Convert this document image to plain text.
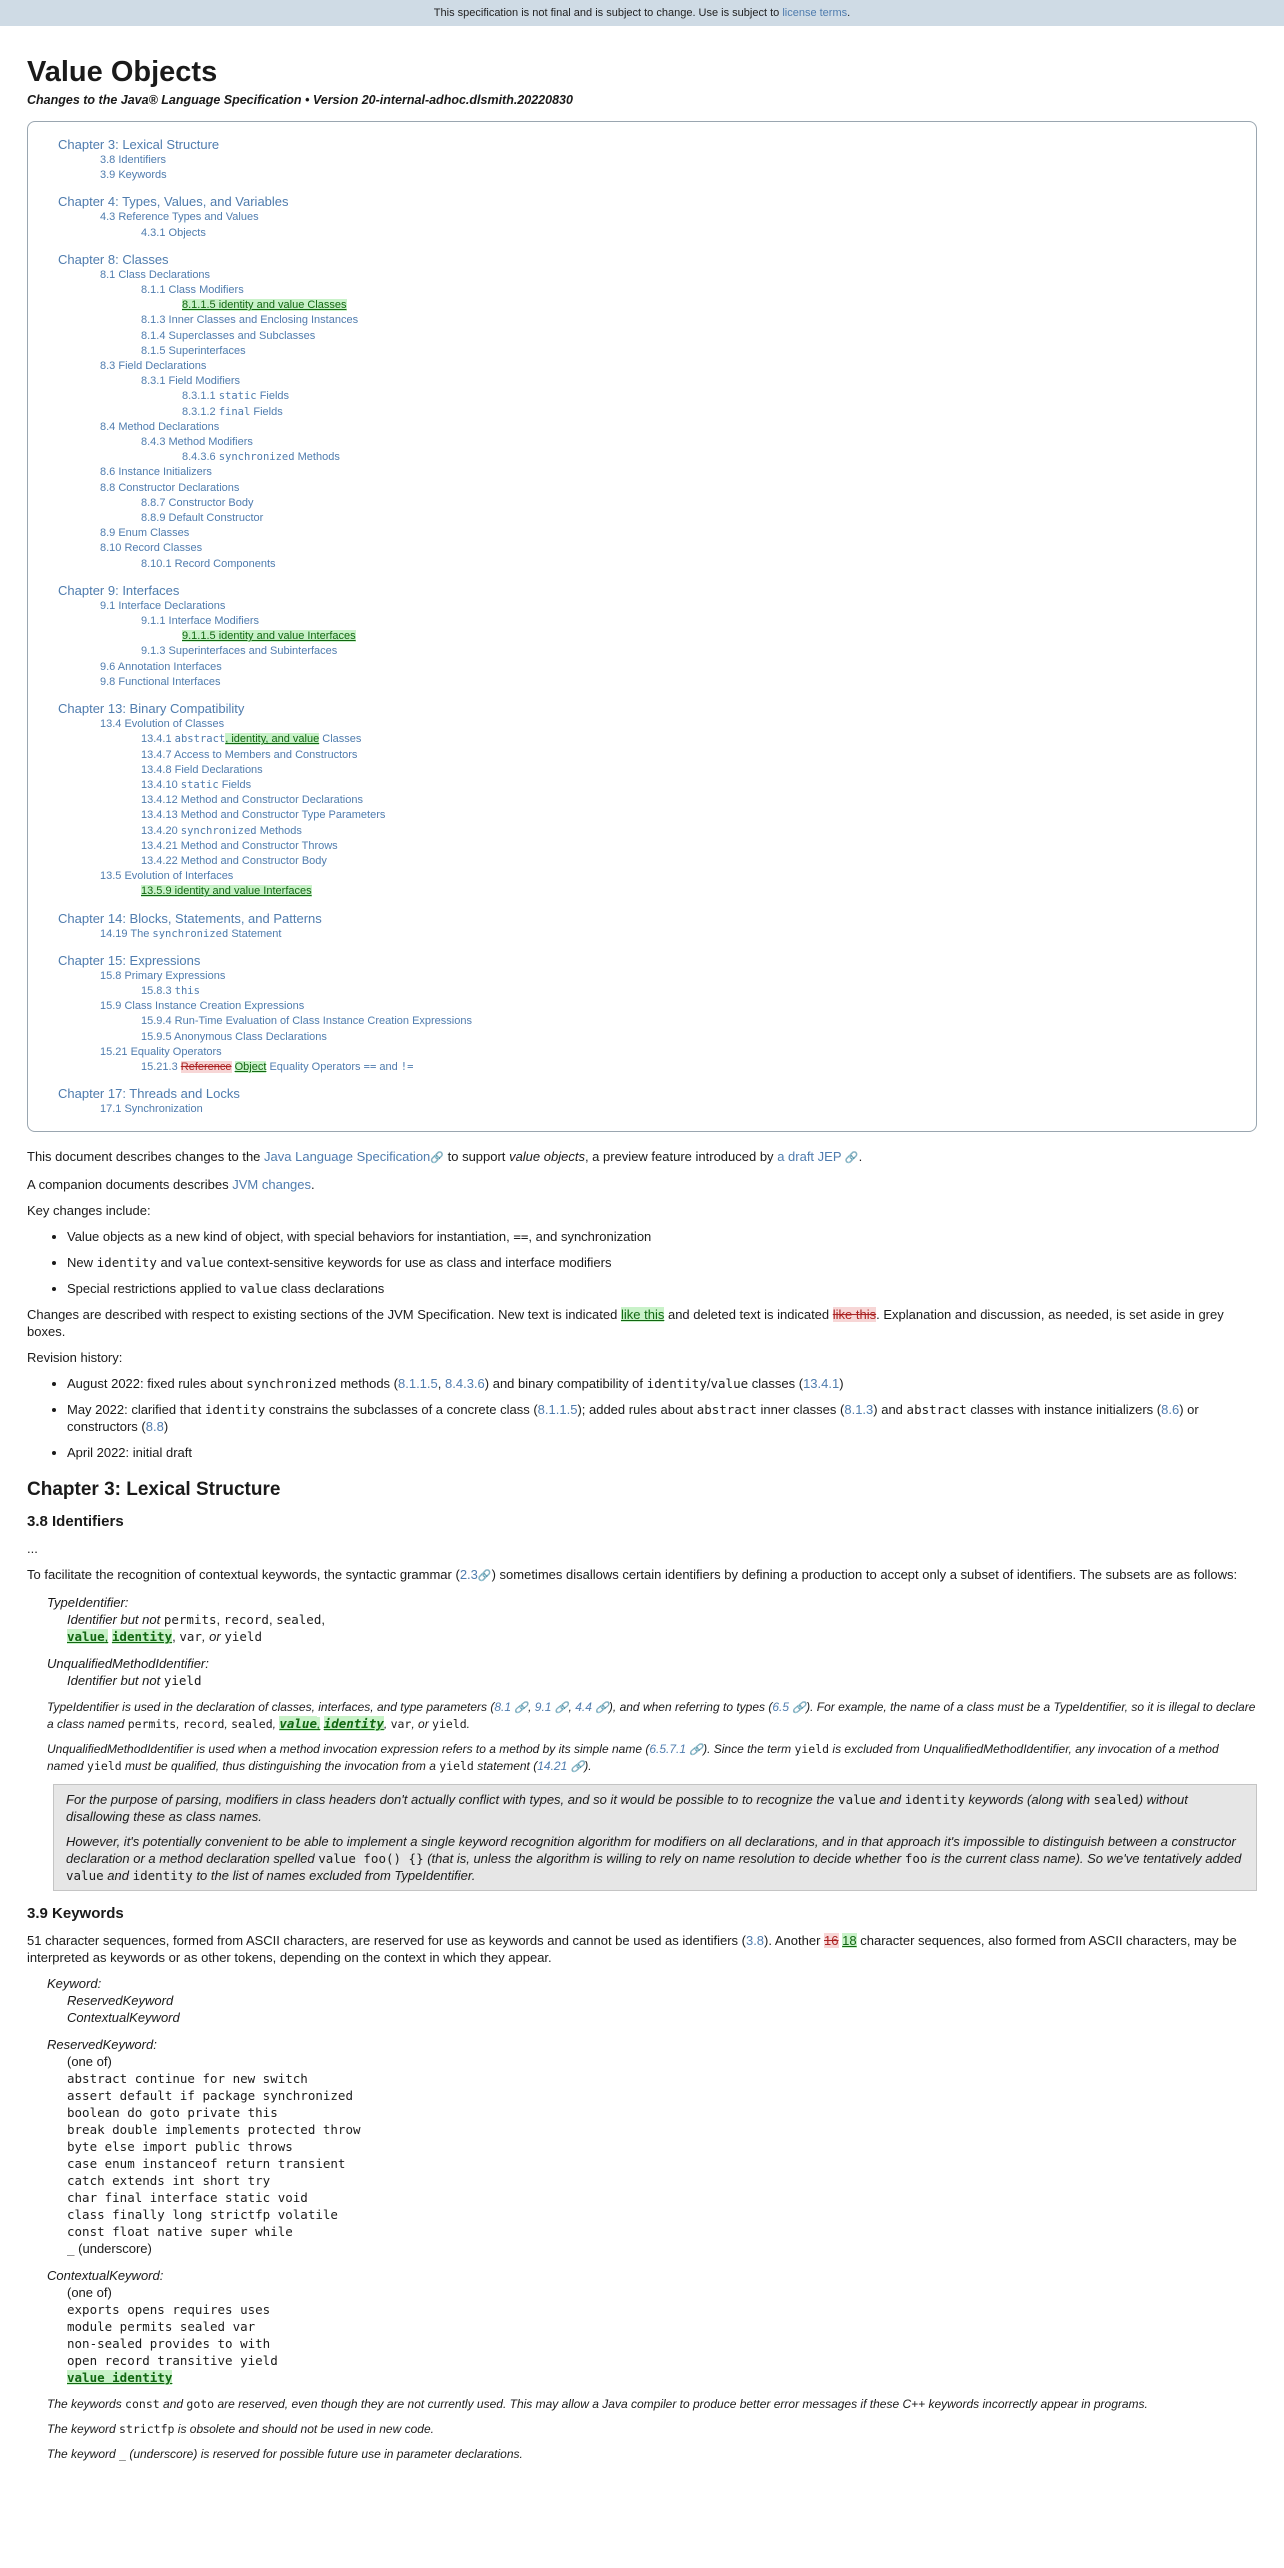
This specification is not final and is subject to change. Use is subject to license terms.
Value Objects
Changes to the Java® Language Specification • Version 20-internal-adhoc.dlsmith.20220830
Chapter 3: Lexical Structure
3.8 Identifiers
3.9 Keywords
Chapter 4: Types, Values, and Variables
4.3 Reference Types and Values
4.3.1 Objects
Chapter 8: Classes
8.1 Class Declarations
8.1.1 Class Modifiers
8.1.1.5 identity and value Classes
8.1.3 Inner Classes and Enclosing Instances
8.1.4 Superclasses and Subclasses
8.1.5 Superinterfaces
8.3 Field Declarations
8.3.1 Field Modifiers
8.3.1.1 static Fields
8.3.1.2 final Fields
8.4 Method Declarations
8.4.3 Method Modifiers
8.4.3.6 synchronized Methods
8.6 Instance Initializers
8.8 Constructor Declarations
8.8.7 Constructor Body
8.8.9 Default Constructor
8.9 Enum Classes
8.10 Record Classes
8.10.1 Record Components
Chapter 9: Interfaces
9.1 Interface Declarations
9.1.1 Interface Modifiers
9.1.1.5 identity and value Interfaces
9.1.3 Superinterfaces and Subinterfaces
9.6 Annotation Interfaces
9.8 Functional Interfaces
Chapter 13: Binary Compatibility
13.4 Evolution of Classes
13.4.1 abstract, identity, and value Classes
13.4.7 Access to Members and Constructors
13.4.8 Field Declarations
13.4.10 static Fields
13.4.12 Method and Constructor Declarations
13.4.13 Method and Constructor Type Parameters
13.4.20 synchronized Methods
13.4.21 Method and Constructor Throws
13.4.22 Method and Constructor Body
13.5 Evolution of Interfaces
13.5.9 identity and value Interfaces
Chapter 14: Blocks, Statements, and Patterns
14.19 The synchronized Statement
Chapter 15: Expressions
15.8 Primary Expressions
15.8.3 this
15.9 Class Instance Creation Expressions
15.9.4 Run-Time Evaluation of Class Instance Creation Expressions
15.9.5 Anonymous Class Declarations
15.21 Equality Operators
15.21.3 Reference Object Equality Operators == and !=
Chapter 17: Threads and Locks
17.1 Synchronization

This document describes changes to the Java Language Specification🔗 to support value objects, a preview feature introduced by a draft JEP 🔗.

A companion documents describes JVM changes.

Key changes include:

• Value objects as a new kind of object, with special behaviors for instantiation, ==, and synchronization
• New identity and value context-sensitive keywords for use as class and interface modifiers
• Special restrictions applied to value class declarations

Changes are described with respect to existing sections of the JVM Specification. New text is indicated like this and deleted text is indicated like this. Explanation and discussion, as needed, is set aside in grey boxes.

Revision history:

• August 2022: fixed rules about synchronized methods (8.1.1.5, 8.4.3.6) and binary compatibility of identity/value classes (13.4.1)
• May 2022: clarified that identity constrains the subclasses of a concrete class (8.1.1.5); added rules about abstract inner classes (8.1.3) and abstract classes with instance initializers (8.6) or constructors (8.8)
• April 2022: initial draft
Chapter 3: Lexical Structure
3.8 Identifiers

...

To facilitate the recognition of contextual keywords, the syntactic grammar (2.3🔗) sometimes disallows certain identifiers by defining a production to accept only a subset of identifiers. The subsets are as follows:

TypeIdentifier:
Identifier but not permits, record, sealed,
value, identity, var, or yield
UnqualifiedMethodIdentifier:
Identifier but not yield

TypeIdentifier is used in the declaration of classes, interfaces, and type parameters (8.1 🔗, 9.1 🔗, 4.4 🔗), and when referring to types (6.5 🔗). For example, the name of a class must be a TypeIdentifier, so it is illegal to declare a class named permits, record, sealed, value, identity, var, or yield.

UnqualifiedMethodIdentifier is used when a method invocation expression refers to a method by its simple name (6.5.7.1 🔗). Since the term yield is excluded from UnqualifiedMethodIdentifier, any invocation of a method named yield must be qualified, thus distinguishing the invocation from a yield statement (14.21 🔗).

For the purpose of parsing, modifiers in class headers don't actually conflict with types, and so it would be possible to to recognize the value and identity keywords (along with sealed) without disallowing these as class names.

However, it's potentially convenient to be able to implement a single keyword recognition algorithm for modifiers on all declarations, and in that approach it's impossible to distinguish between a constructor declaration or a method declaration spelled value foo() {} (that is, unless the algorithm is willing to rely on name resolution to decide whether foo is the current class name). So we've tentatively added value and identity to the list of names excluded from TypeIdentifier.

3.9 Keywords

51 character sequences, formed from ASCII characters, are reserved for use as keywords and cannot be used as identifiers (3.8). Another 16 18 character sequences, also formed from ASCII characters, may be interpreted as keywords or as other tokens, depending on the context in which they appear.

Keyword:
ReservedKeyword
ContextualKeyword
ReservedKeyword:
(one of)
abstract continue for new switch
assert default if package synchronized
boolean do goto private this
break double implements protected throw
byte else import public throws
case enum instanceof return transient
catch extends int short try
char final interface static void
class finally long strictfp volatile
const float native super while
_ (underscore)
ContextualKeyword:
(one of)
exports opens requires uses
module permits sealed var
non-sealed provides to with
open record transitive yield
value identity

The keywords const and goto are reserved, even though they are not currently used. This may allow a Java compiler to produce better error messages if these C++ keywords incorrectly appear in programs.

The keyword strictfp is obsolete and should not be used in new code.

The keyword _ (underscore) is reserved for possible future use in parameter declarations.
